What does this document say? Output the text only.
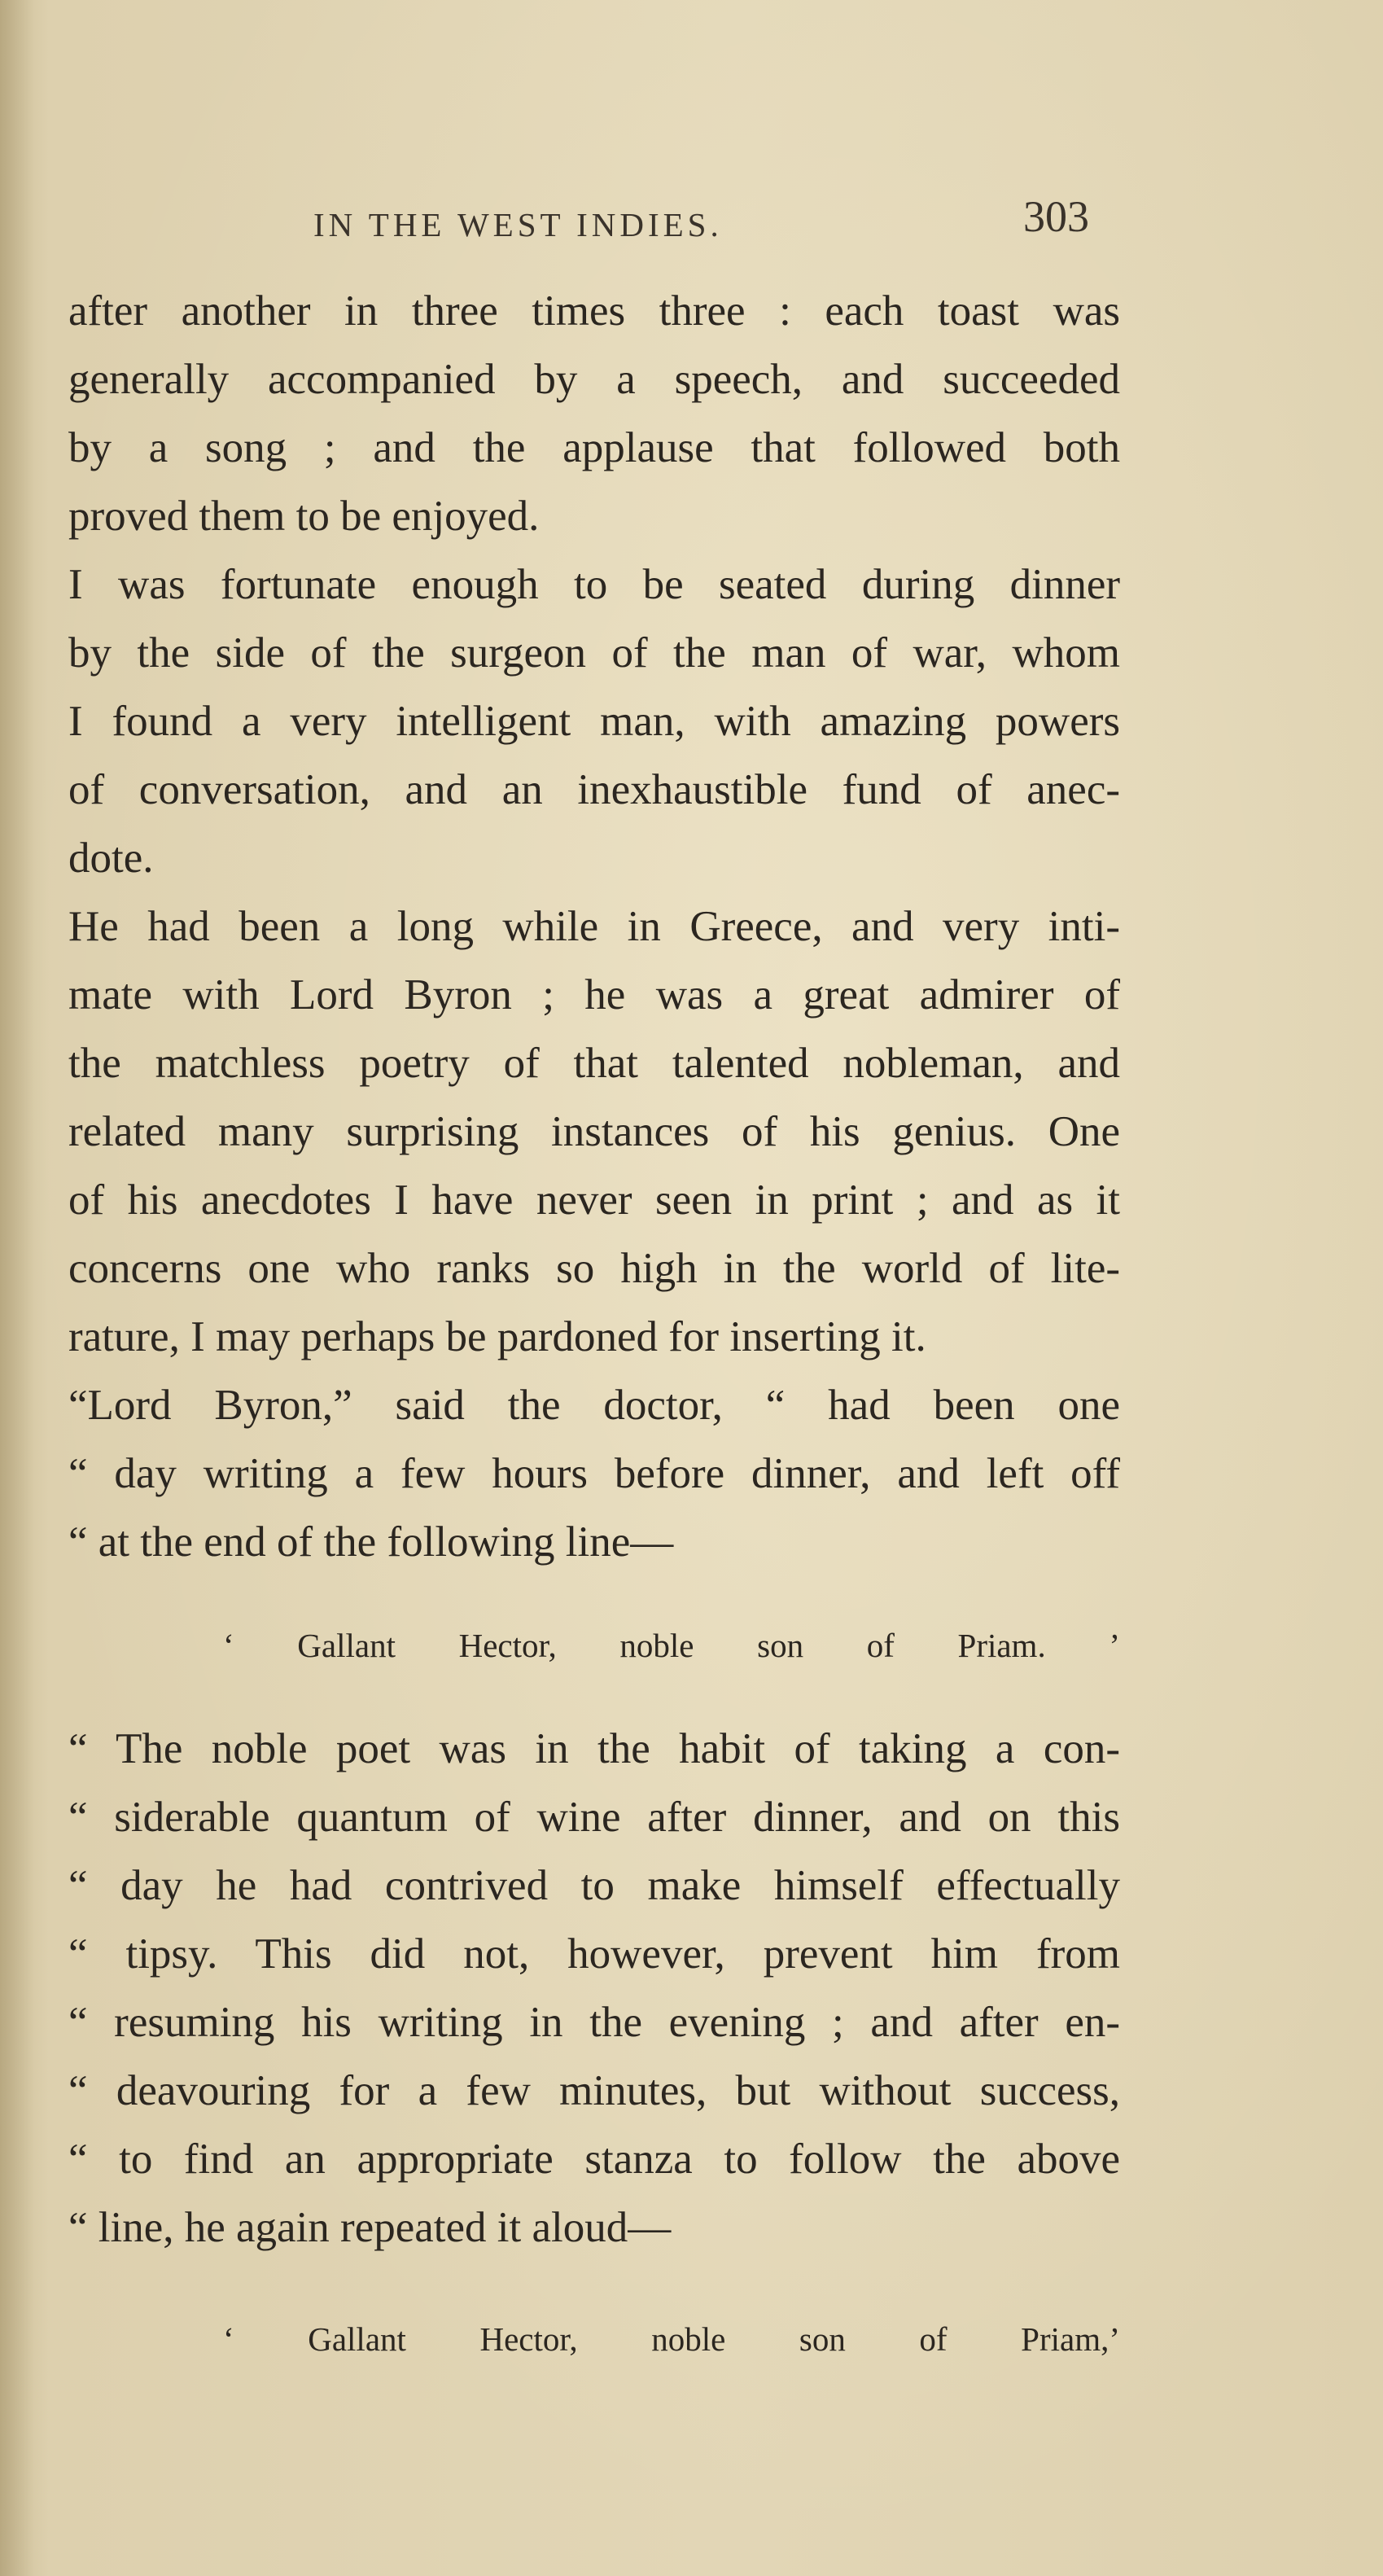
IN THE WEST INDIES.	303
after another in three times three : each toast was
generally accompanied by a speech, and succeeded
by a song ; and the applause that followed both
proved them to be enjoyed.
I was fortunate enough to be seated during dinner
by the side of the surgeon of the man of war, whom
I found a very intelligent man, with amazing powers
of conversation, and an inexhaustible fund of anec-
dote.
He had been a long while in Greece, and very inti-
mate with Lord Byron ; he was a great admirer of
the matchless poetry of that talented nobleman, and
related many surprising instances of his genius. One
of his anecdotes I have never seen in print ; and as it
concerns one who ranks so high in the world of lite-
rature, I may perhaps be pardoned for inserting it.
“Lord Byron,” said the doctor, “ had been one
“ day writing a few hours before dinner, and left off
“ at the end of the following line—
‘ Gallant Hector, noble son of Priam. ’
“ The noble poet was in the habit of taking a con-
“ siderable quantum of wine after dinner, and on this
“ day he had contrived to make himself effectually
“ tipsy. This did not, however, prevent him from
“ resuming his writing in the evening ; and after en-
“ deavouring for a few minutes, but without success,
“ to find an appropriate stanza to follow the above
“ line, he again repeated it aloud—
‘ Gallant Hector, noble son of Priam,’
